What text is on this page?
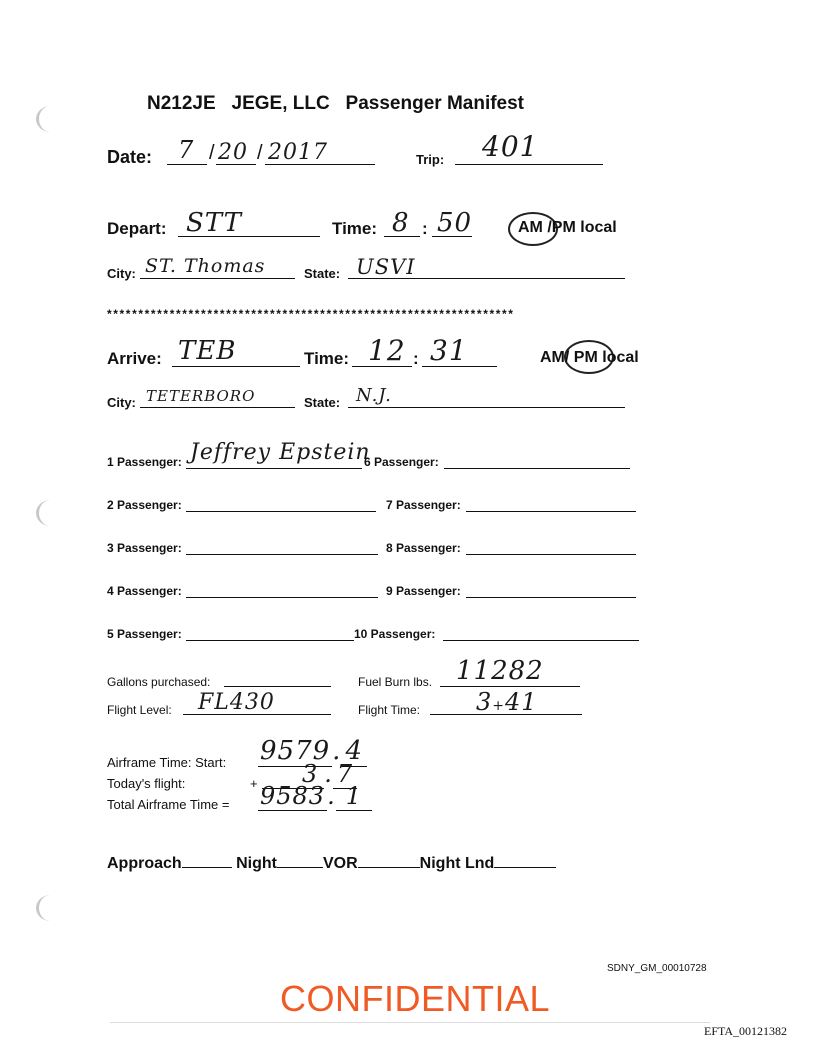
N212JE JEGE, LLC Passenger Manifest
Date: 7 / 20 / 2017	Trip: 401
Depart: STT	Time: 8 : 50	AM /PM local
City: ST. Thomas	State: USVI
*****************************************************************
Arrive: TEB	Time: 12 : 31	AM/ PM local
City: TETERBORO	State: N.J.
1 Passenger: Jeffrey Epstein
2 Passenger:
3 Passenger:
4 Passenger:
5 Passenger:
6 Passenger:
7 Passenger:
8 Passenger:
9 Passenger:
10 Passenger:
Gallons purchased:	Fuel Burn lbs. 11282
Flight Level: FL430	Flight Time: 3+41
Airframe Time: Start: 9579. 4
Today's flight:	+	3 . 7
Total Airframe Time = 9583. 1
Approach	Night	VOR	Night Lnd
SDNY_GM_00010728
CONFIDENTIAL
EFTA_00121382
